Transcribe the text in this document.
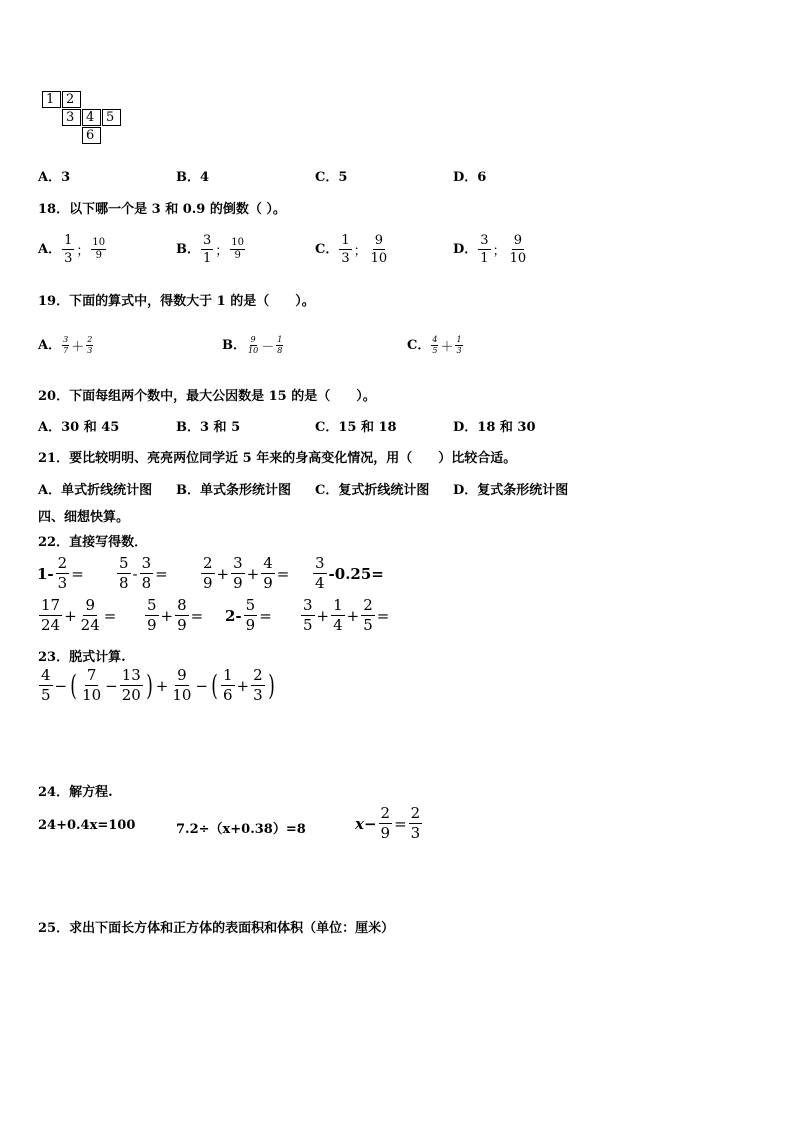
1 2
3 4 5
6
A．3	B．4	C．5	D．6
18．以下哪一个是 3 和 0.9 的倒数（ ）。
A． $\frac{1}{3}$ ； $\frac{10}{9}$	B． $\frac{3}{1}$ ； $\frac{10}{9}$	C． $\frac{1}{3}$ ； $\frac{9}{10}$	D． $\frac{3}{1}$ ； $\frac{9}{10}$
19．下面的算式中，得数大于 1 的是（　　）。
A． $\frac{3}{7} + \frac{2}{3}$	B． $\frac{9}{10} - \frac{1}{8}$	C． $\frac{4}{5} + \frac{1}{3}$
20．下面每组两个数中，最大公因数是 15 的是（　　）。
A．30 和 45	B．3 和 5	C．15 和 18	D．18 和 30
21．要比较明明、亮亮两位同学近 5 年来的身高变化情况，用（　　）比较合适。
A．单式折线统计图 B．单式条形统计图 C．复式折线统计图 D．复式条形统计图
四、细想快算。
22．直接写得数．
$1- \frac{2}{3} = \frac{5}{8} - \frac{3}{8} = \frac{2}{9} + \frac{3}{9} + \frac{4}{9} = \frac{3}{4} -0.25=$
$\frac{17}{24} + \frac{9}{24} = \frac{5}{9} + \frac{8}{9} = 2- \frac{5}{9} = \frac{3}{5} + \frac{1}{4} + \frac{2}{5}$ =
23．脱式计算.
$\frac{4}{5}$ − ( $\frac{7}{10} - \frac{13}{20}$ ) + $\frac{9}{10}$ − ( $\frac{1}{6} + \frac{2}{3}$ )
24．解方程.
24+0.4x=100	7.2÷（x+0.38）=8	$x- \frac{2}{9} = \frac{2}{3}$
25．求出下面长方体和正方体的表面积和体积（单位：厘米）
